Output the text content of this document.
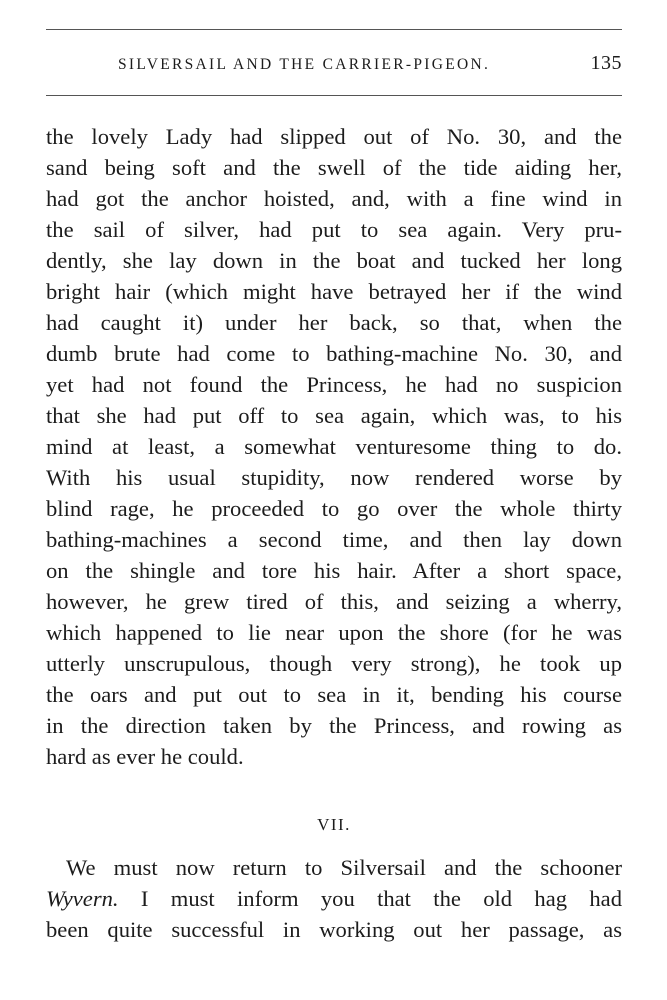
SILVERSAIL AND THE CARRIER-PIGEON.	135
the lovely Lady had slipped out of No. 30, and the
sand being soft and the swell of the tide aiding her,
had got the anchor hoisted, and, with a fine wind in
the sail of silver, had put to sea again. Very pru-
dently, she lay down in the boat and tucked her long
bright hair (which might have betrayed her if the wind
had caught it) under her back, so that, when the
dumb brute had come to bathing-machine No. 30, and
yet had not found the Princess, he had no suspicion
that she had put off to sea again, which was, to his
mind at least, a somewhat venturesome thing to do.
With his usual stupidity, now rendered worse by
blind rage, he proceeded to go over the whole thirty
bathing-machines a second time, and then lay down
on the shingle and tore his hair. After a short space,
however, he grew tired of this, and seizing a wherry,
which happened to lie near upon the shore (for he was
utterly unscrupulous, though very strong), he took up
the oars and put out to sea in it, bending his course
in the direction taken by the Princess, and rowing as
hard as ever he could.
VII.
We must now return to Silversail and the schooner
Wyvern. I must inform you that the old hag had
been quite successful in working out her passage, as
